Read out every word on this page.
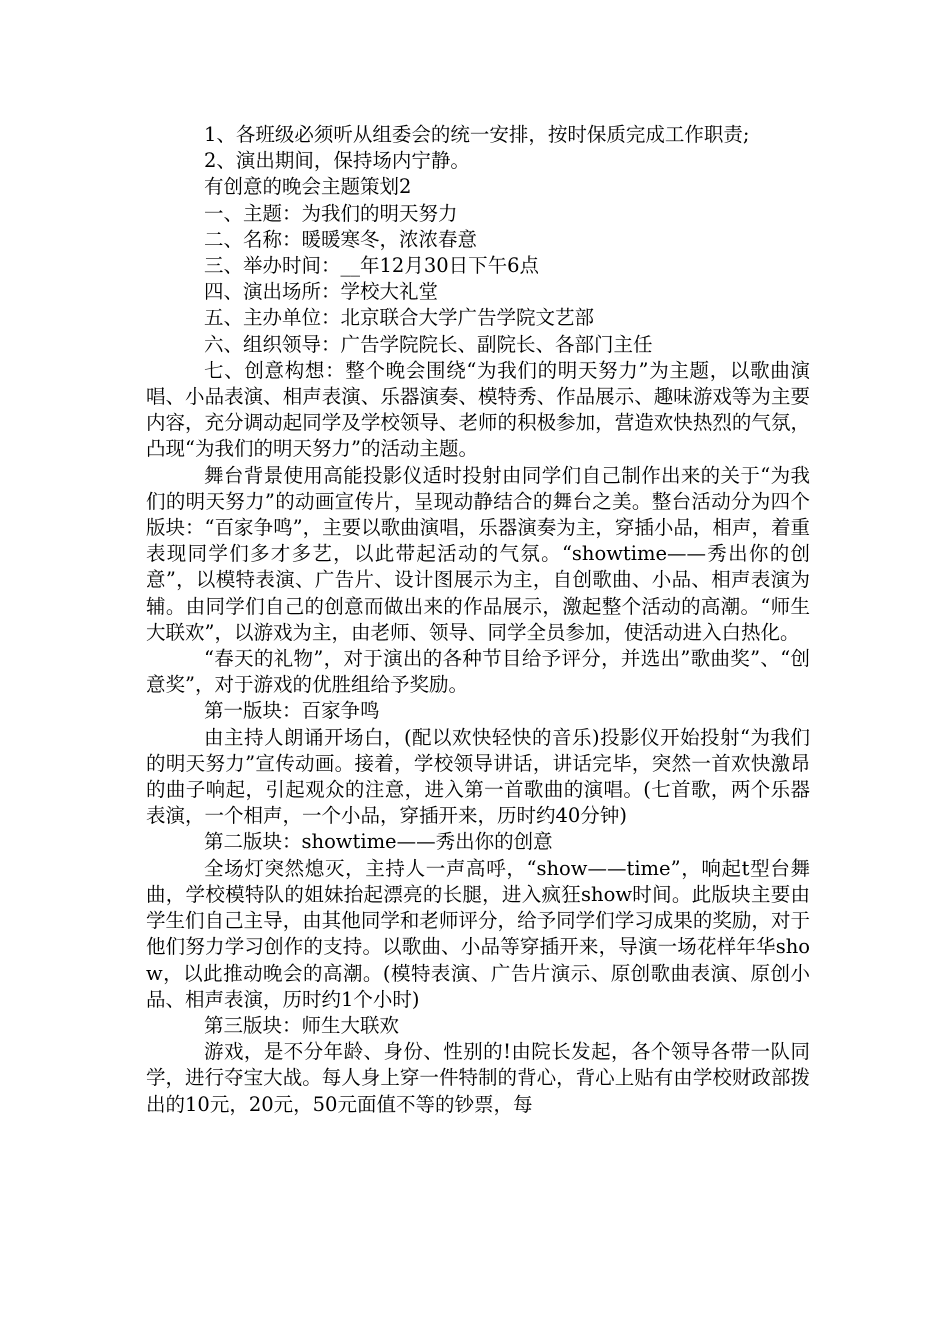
1、各班级必须听从组委会的统一安排，按时保质完成工作职责;

2、演出期间，保持场内宁静。

有创意的晚会主题策划2

一、主题：为我们的明天努力

二、名称：暖暖寒冬，浓浓春意

三、举办时间：__年12月30日下午6点

四、演出场所：学校大礼堂

五、主办单位：北京联合大学广告学院文艺部

六、组织领导：广告学院院长、副院长、各部门主任

七、创意构想：整个晚会围绕“为我们的明天努力”为主题，以歌曲演唱、小品表演、相声表演、乐器演奏、模特秀、作品展示、趣味游戏等为主要内容，充分调动起同学及学校领导、老师的积极参加，营造欢快热烈的气氛，凸现“为我们的明天努力”的活动主题。

舞台背景使用高能投影仪适时投射由同学们自己制作出来的关于“为我们的明天努力”的动画宣传片，呈现动静结合的舞台之美。整台活动分为四个版块：“百家争鸣”，主要以歌曲演唱，乐器演奏为主，穿插小品，相声，着重表现同学们多才多艺，以此带起活动的气氛。“showtime——秀出你的创意”，以模特表演、广告片、设计图展示为主，自创歌曲、小品、相声表演为辅。由同学们自己的创意而做出来的作品展示，激起整个活动的高潮。“师生大联欢”，以游戏为主，由老师、领导、同学全员参加，使活动进入白热化。

“春天的礼物”，对于演出的各种节目给予评分，并选出”歌曲奖”、“创意奖”，对于游戏的优胜组给予奖励。

第一版块：百家争鸣

由主持人朗诵开场白，(配以欢快轻快的音乐)投影仪开始投射“为我们的明天努力”宣传动画。接着，学校领导讲话，讲话完毕，突然一首欢快激昂的曲子响起，引起观众的注意，进入第一首歌曲的演唱。(七首歌，两个乐器表演，一个相声，一个小品，穿插开来，历时约40分钟)

第二版块：showtime——秀出你的创意

全场灯突然熄灭，主持人一声高呼，“show——time”，响起t型台舞曲，学校模特队的姐妹抬起漂亮的长腿，进入疯狂show时间。此版块主要由学生们自己主导，由其他同学和老师评分，给予同学们学习成果的奖励，对于他们努力学习创作的支持。以歌曲、小品等穿插开来，导演一场花样年华show，以此推动晚会的高潮。(模特表演、广告片演示、原创歌曲表演、原创小品、相声表演，历时约1个小时)

第三版块：师生大联欢

游戏，是不分年龄、身份、性别的!由院长发起，各个领导各带一队同学，进行夺宝大战。每人身上穿一件特制的背心，背心上贴有由学校财政部拨出的10元，20元，50元面值不等的钞票，每
